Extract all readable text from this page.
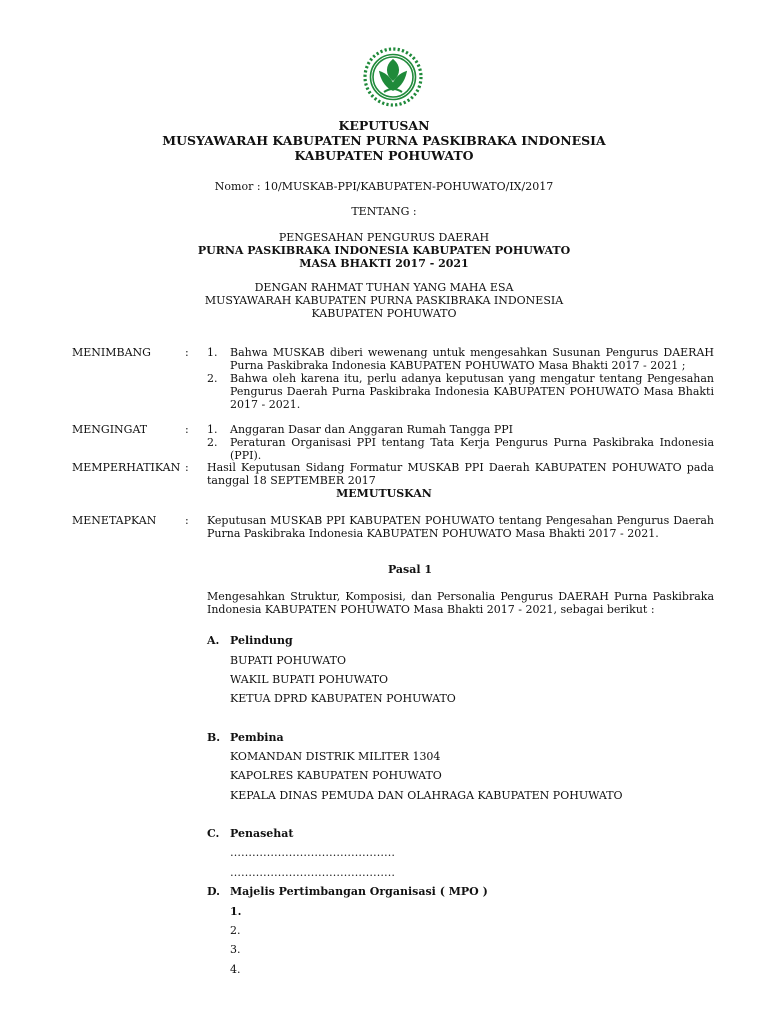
KEPUTUSAN
MUSYAWARAH KABUPATEN PURNA PASKIBRAKA INDONESIA
KABUPATEN POHUWATO
Nomor : 10/MUSKAB-PPI/KABUPATEN-POHUWATO/IX/2017
TENTANG :
PENGESAHAN PENGURUS DAERAH
PURNA PASKIBRAKA INDONESIA KABUPATEN POHUWATO
MASA BHAKTI 2017 - 2021
DENGAN RAHMAT TUHAN YANG MAHA ESA
MUSYAWARAH KABUPATEN PURNA PASKIBRAKA INDONESIA
KABUPATEN POHUWATO
MENIMBANG	: 1. Bahwa MUSKAB diberi wewenang untuk mengesahkan Susunan Pengurus DAERAH Purna Paskibraka Indonesia KABUPATEN POHUWATO Masa Bhakti 2017 - 2021 ;
2. Bahwa oleh karena itu, perlu adanya keputusan yang mengatur tentang Pengesahan Pengurus Daerah Purna Paskibraka Indonesia KABUPATEN POHUWATO Masa Bhakti 2017 - 2021.
MENGINGAT	: 1. Anggaran Dasar dan Anggaran Rumah Tangga PPI
2. Peraturan Organisasi PPI tentang Tata Kerja Pengurus Purna Paskibraka Indonesia (PPI).
MEMPERHATIKAN : Hasil Keputusan Sidang Formatur MUSKAB PPI Daerah KABUPATEN POHUWATO pada tanggal 18 SEPTEMBER 2017
MEMUTUSKAN
MENETAPKAN	: Keputusan MUSKAB PPI KABUPATEN POHUWATO tentang Pengesahan Pengurus Daerah Purna Paskibraka Indonesia KABUPATEN POHUWATO Masa Bhakti 2017 - 2021.
Pasal 1
Mengesahkan Struktur, Komposisi, dan Personalia Pengurus DAERAH Purna Paskibraka Indonesia KABUPATEN POHUWATO Masa Bhakti 2017 - 2021, sebagai berikut :
A. Pelindung
BUPATI POHUWATO
WAKIL BUPATI POHUWATO
KETUA DPRD KABUPATEN POHUWATO
B. Pembina
KOMANDAN DISTRIK MILITER 1304
KAPOLRES KABUPATEN POHUWATO
KEPALA DINAS PEMUDA DAN OLAHRAGA KABUPATEN POHUWATO
C. Penasehat
………………………………………
………………………………………
D. Majelis Pertimbangan Organisasi ( MPO )
1.
2.
3.
4.
